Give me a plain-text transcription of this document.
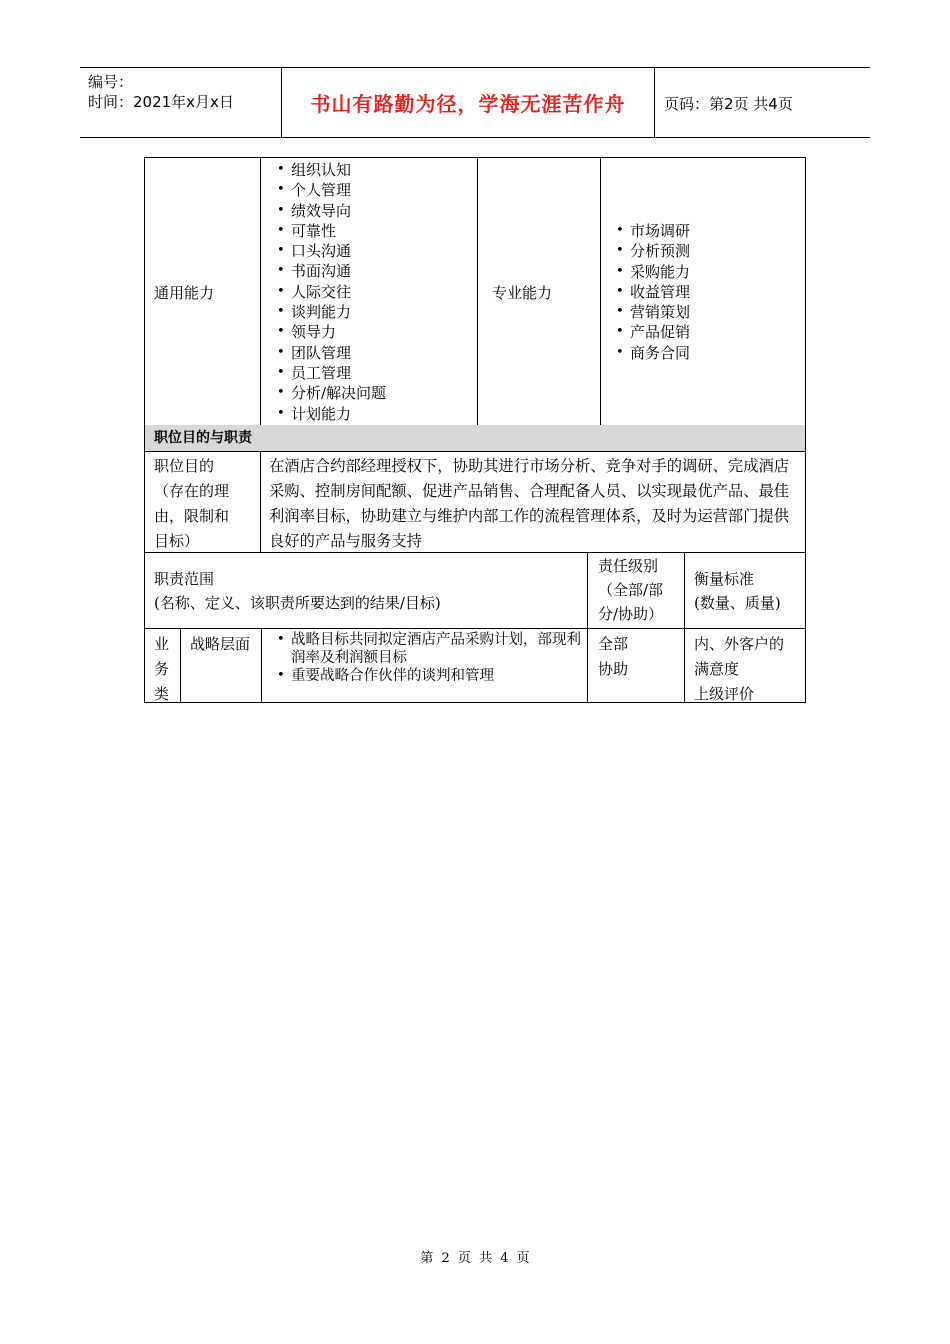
编号：
时间：2021年x月x日	书山有路勤为径，学海无涯苦作舟	页码：第2页 共4页
通用能力
• 组织认知
• 个人管理
• 绩效导向
• 可靠性
• 口头沟通
• 书面沟通
• 人际交往
• 谈判能力
• 领导力
• 团队管理
• 员工管理
• 分析/解决问题
• 计划能力
专业能力
• 市场调研
• 分析预测
• 采购能力
• 收益管理
• 营销策划
• 产品促销
• 商务合同
职位目的与职责
职位目的
（存在的理
由，限制和
目标）
在酒店合约部经理授权下，协助其进行市场分析、竞争对手的调研、完成酒店采购、控制房间配额、促进产品销售、合理配备人员、以实现最优产品、最佳利润率目标，协助建立与维护内部工作的流程管理体系，及时为运营部门提供良好的产品与服务支持
职责范围
(名称、定义、该职责所要达到的结果/目标)
责任级别
（全部/部
分/协助）
衡量标准
(数量、质量)
业
务
类
战略层面
•	战略目标共同拟定酒店产品采购计划，部现利润率及利润额目标
• 重要战略合作伙伴的谈判和管理
全部
协助
内、外客户的
满意度
上级评价
第 2 页 共 4 页
